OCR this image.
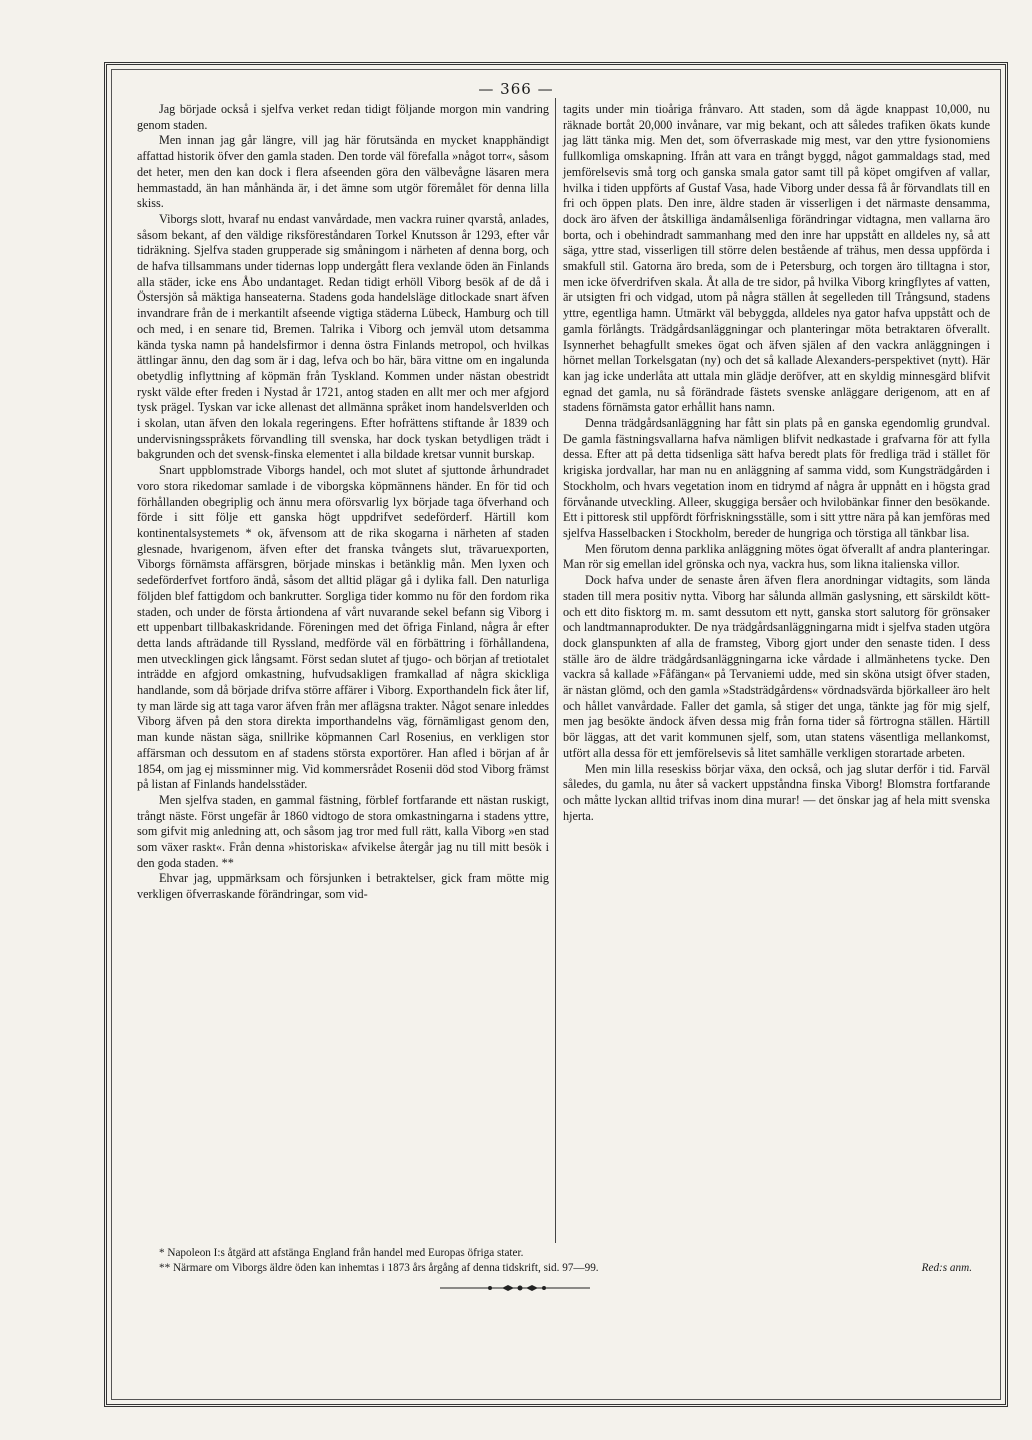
— 366 —

Jag började också i sjelfva verket redan tidigt följande morgon min vandring genom staden.

Men innan jag går längre, vill jag här förutsända en mycket knapphändigt affattad historik öfver den gamla staden. Den torde väl förefalla »något torr«, såsom det heter, men den kan dock i flera afseenden göra den välbevågne läsaren mera hemmastadd, än han månhända är, i det ämne som utgör föremålet för denna lilla skiss.

Viborgs slott, hvaraf nu endast vanvårdade, men vackra ruiner qvarstå, anlades, såsom bekant, af den väldige riksföreståndaren Torkel Knutsson år 1293, efter vår tidräkning. Sjelfva staden grupperade sig småningom i närheten af denna borg, och de hafva tillsammans under tidernas lopp undergått flera vexlande öden än Finlands alla städer, icke ens Åbo undantaget. Redan tidigt erhöll Viborg besök af de då i Östersjön så mäktiga hanseaterna. Stadens goda handelsläge ditlockade snart äfven invandrare från de i merkantilt afseende vigtiga städerna Lübeck, Hamburg och till och med, i en senare tid, Bremen. Talrika i Viborg och jemväl utom detsamma kända tyska namn på handelsfirmor i denna östra Finlands metropol, och hvilkas ättlingar ännu, den dag som är i dag, lefva och bo här, bära vittne om en ingalunda obetydlig inflyttning af köpmän från Tyskland. Kommen under nästan obestridt ryskt välde efter freden i Nystad år 1721, antog staden en allt mer och mer afgjord tysk prägel. Tyskan var icke allenast det allmänna språket inom handelsverlden och i skolan, utan äfven den lokala regeringens. Efter hofrättens stiftande år 1839 och undervisningsspråkets förvandling till svenska, har dock tyskan betydligen trädt i bakgrunden och det svensk-finska elementet i alla bildade kretsar vunnit burskap.

Snart uppblomstrade Viborgs handel, och mot slutet af sjuttonde århundradet voro stora rikedomar samlade i de viborgska köpmännens händer. En för tid och förhållanden obegriplig och ännu mera oförsvarlig lyx började taga öfverhand och förde i sitt följe ett ganska högt uppdrifvet sedeförderf. Härtill kom kontinentalsystemets * ok, äfvensom att de rika skogarna i närheten af staden glesnade, hvarigenom, äfven efter det franska tvångets slut, trävaruexporten, Viborgs förnämsta affärsgren, började minskas i betänklig mån. Men lyxen och sedeförderfvet fortforo ändå, såsom det alltid plägar gå i dylika fall. Den naturliga följden blef fattigdom och bankrutter. Sorgliga tider kommo nu för den fordom rika staden, och under de första årtiondena af vårt nuvarande sekel befann sig Viborg i ett uppenbart tillbakaskridande. Föreningen med det öfriga Finland, några år efter detta lands afträdande till Ryssland, medförde väl en förbättring i förhållandena, men utvecklingen gick långsamt. Först sedan slutet af tjugo- och början af tretiotalet inträdde en afgjord omkastning, hufvudsakligen framkallad af några skickliga handlande, som då började drifva större affärer i Viborg. Exporthandeln fick åter lif, ty man lärde sig att taga varor äfven från mer aflägsna trakter. Något senare inleddes Viborg äfven på den stora direkta importhandelns väg, förnämligast genom den, man kunde nästan säga, snillrike köpmannen Carl Rosenius, en verkligen stor affärsman och dessutom en af stadens största exportörer. Han afled i början af år 1854, om jag ej missminner mig. Vid kommersrådet Rosenii död stod Viborg främst på listan af Finlands handelsstäder.

Men sjelfva staden, en gammal fästning, förblef fortfarande ett nästan ruskigt, trångt näste. Först ungefär år 1860 vidtogo de stora omkastningarna i stadens yttre, som gifvit mig anledning att, och såsom jag tror med full rätt, kalla Viborg »en stad som växer raskt«. Från denna »historiska« afvikelse återgår jag nu till mitt besök i den goda staden. **

Ehvar jag, uppmärksam och försjunken i betraktelser, gick fram mötte mig verkligen öfverraskande förändringar, som vid-

tagits under min tioåriga frånvaro. Att staden, som då ägde knappast 10,000, nu räknade bortåt 20,000 invånare, var mig bekant, och att således trafiken ökats kunde jag lätt tänka mig. Men det, som öfverraskade mig mest, var den yttre fysionomiens fullkomliga omskapning. Ifrån att vara en trångt byggd, något gammaldags stad, med jemförelsevis små torg och ganska smala gator samt till på köpet omgifven af vallar, hvilka i tiden uppförts af Gustaf Vasa, hade Viborg under dessa få år förvandlats till en fri och öppen plats. Den inre, äldre staden är visserligen i det närmaste densamma, dock äro äfven der åtskilliga ändamålsenliga förändringar vidtagna, men vallarna äro borta, och i obehindradt sammanhang med den inre har uppstått en alldeles ny, så att säga, yttre stad, visserligen till större delen bestående af trähus, men dessa uppförda i smakfull stil. Gatorna äro breda, som de i Petersburg, och torgen äro tilltagna i stor, men icke öfverdrifven skala. Åt alla de tre sidor, på hvilka Viborg kringflytes af vatten, är utsigten fri och vidgad, utom på några ställen åt segelleden till Trångsund, stadens yttre, egentliga hamn. Utmärkt väl bebyggda, alldeles nya gator hafva uppstått och de gamla förlångts. Trädgårdsanläggningar och planteringar möta betraktaren öfverallt. Isynnerhet behagfullt smekes ögat och äfven själen af den vackra anläggningen i hörnet mellan Torkelsgatan (ny) och det så kallade Alexanders-perspektivet (nytt). Här kan jag icke underlåta att uttala min glädje deröfver, att en skyldig minnesgärd blifvit egnad det gamla, nu så förändrade fästets svenske anläggare derigenom, att en af stadens förnämsta gator erhållit hans namn.

Denna trädgårdsanläggning har fått sin plats på en ganska egendomlig grundval. De gamla fästningsvallarna hafva nämligen blifvit nedkastade i grafvarna för att fylla dessa. Efter att på detta tidsenliga sätt hafva beredt plats för fredliga träd i stället för krigiska jordvallar, har man nu en anläggning af samma vidd, som Kungsträdgården i Stockholm, och hvars vegetation inom en tidrymd af några år uppnått en i högsta grad förvånande utveckling. Alleer, skuggiga bersåer och hvilobänkar finner den besökande. Ett i pittoresk stil uppfördt förfriskningsställe, som i sitt yttre nära på kan jemföras med sjelfva Hasselbacken i Stockholm, bereder de hungriga och törstiga all tänkbar lisa.

Men förutom denna parklika anläggning mötes ögat öfverallt af andra planteringar. Man rör sig emellan idel grönska och nya, vackra hus, som likna italienska villor.

Dock hafva under de senaste åren äfven flera anordningar vidtagits, som lända staden till mera positiv nytta. Viborg har sålunda allmän gaslysning, ett särskildt kött- och ett dito fisktorg m. m. samt dessutom ett nytt, ganska stort salutorg för grönsaker och landtmannaprodukter. De nya trädgårdsanläggningarna midt i sjelfva staden utgöra dock glanspunkten af alla de framsteg, Viborg gjort under den senaste tiden. I dess ställe äro de äldre trädgårdsanläggningarna icke vårdade i allmänhetens tycke. Den vackra så kallade »Fåfängan« på Tervaniemi udde, med sin sköna utsigt öfver staden, är nästan glömd, och den gamla »Stadsträdgårdens« vördnadsvärda björkalleer äro helt och hållet vanvårdade. Faller det gamla, så stiger det unga, tänkte jag för mig sjelf, men jag besökte ändock äfven dessa mig från forna tider så förtrogna ställen. Härtill bör läggas, att det varit kommunen sjelf, som, utan statens väsentliga mellankomst, utfört alla dessa för ett jemförelsevis så litet samhälle verkligen storartade arbeten.

Men min lilla reseskiss börjar växa, den också, och jag slutar derför i tid. Farväl således, du gamla, nu åter så vackert uppståndna finska Viborg! Blomstra fortfarande och måtte lyckan alltid trifvas inom dina murar! — det önskar jag af hela mitt svenska hjerta.

* Napoleon I:s åtgärd att afstänga England från handel med Europas öfriga stater.
** Närmare om Viborgs äldre öden kan inhemtas i 1873 års årgång af denna tidskrift, sid. 97—99.	Red:s anm.
